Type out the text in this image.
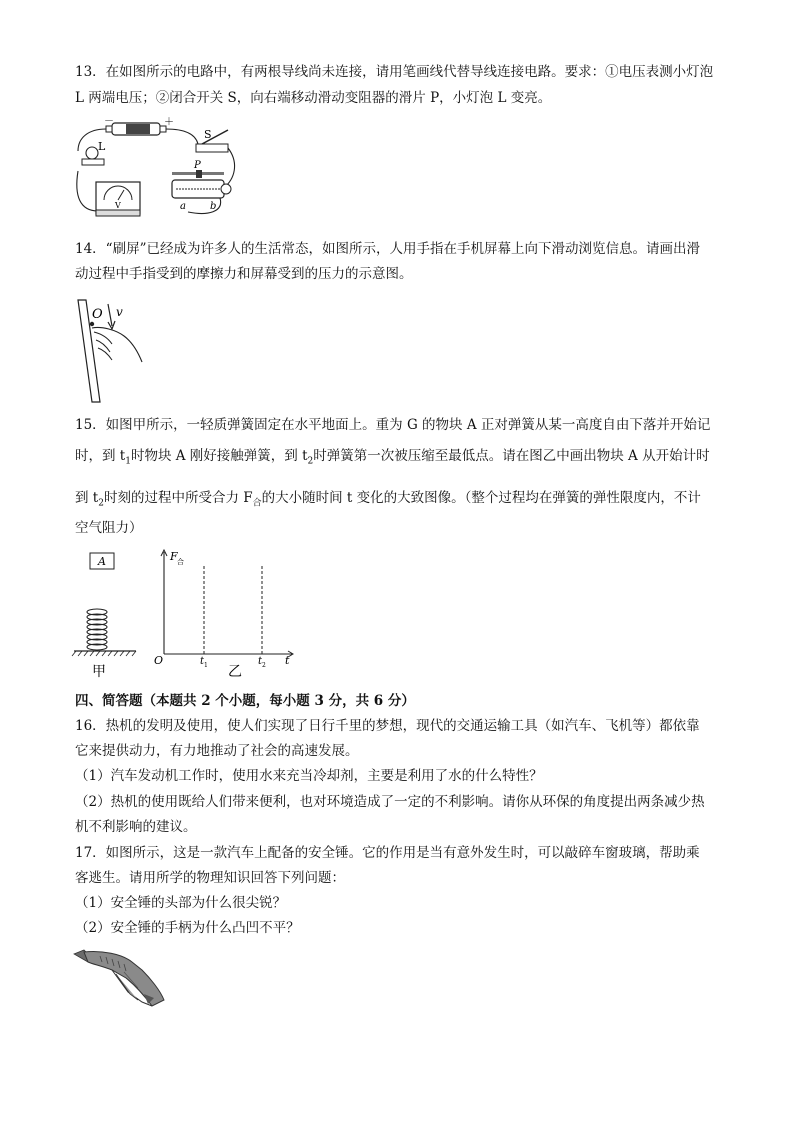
13．在如图所示的电路中，有两根导线尚未连接，请用笔画线代替导线连接电路。要求：①电压表测小灯泡
L 两端电压；②闭合开关 S，向右端移动滑动变阻器的滑片 P，小灯泡 L 变亮。
－	＋
L
S
V
P
a b
14．“刷屏”已经成为许多人的生活常态，如图所示，人用手指在手机屏幕上向下滑动浏览信息。请画出滑
动过程中手指受到的摩擦力和屏幕受到的压力的示意图。
O v
15．如图甲所示，一轻质弹簧固定在水平地面上。重为 G 的物块 A 正对弹簧从某一高度自由下落并开始记
时，到 $t_1$时物块 A 刚好接触弹簧，到 $t_2$时弹簧第一次被压缩至最低点。请在图乙中画出物块 A 从开始计时
到 $t_2$时刻的过程中所受合力 $F_合$的大小随时间 t 变化的大致图像。（整个过程均在弹簧的弹性限度内，不计
空气阻力）
A
甲
F 合
O	t 1	t 2 t
乙
四、简答题（本题共 2 个小题，每小题 3 分，共 6 分）
16．热机的发明及使用，使人们实现了日行千里的梦想，现代的交通运输工具（如汽车、飞机等）都依靠
它来提供动力，有力地推动了社会的高速发展。
（1）汽车发动机工作时，使用水来充当冷却剂，主要是利用了水的什么特性？
（2）热机的使用既给人们带来便利，也对环境造成了一定的不利影响。请你从环保的角度提出两条减少热
机不利影响的建议。
17．如图所示，这是一款汽车上配备的安全锤。它的作用是当有意外发生时，可以敲碎车窗玻璃，帮助乘
客逃生。请用所学的物理知识回答下列问题：
（1）安全锤的头部为什么很尖锐？
（2）安全锤的手柄为什么凸凹不平？
